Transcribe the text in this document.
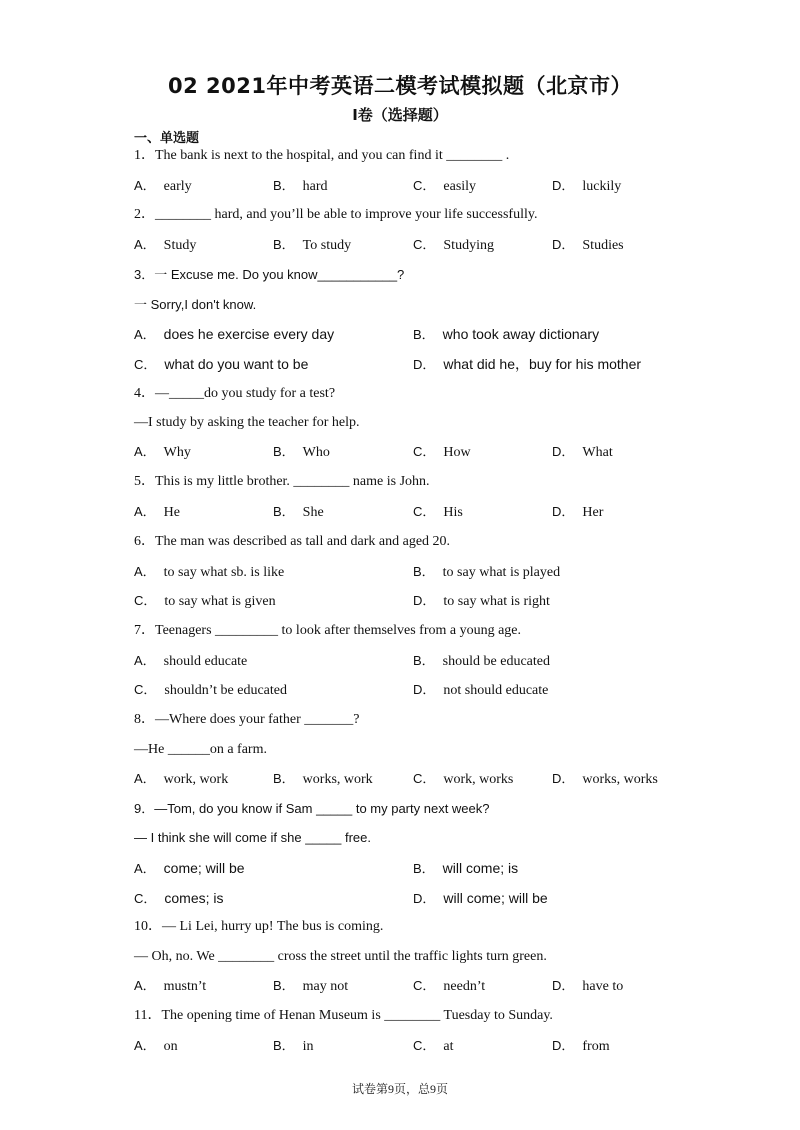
02 2021年中考英语二模考试模拟题（北京市）
I卷（选择题）
一、单选题
1．The bank is next to the hospital, and you can find it ________ .
A． early	B． hard	C． easily	D． luckily
2．________ hard, and you’ll be able to improve your life successfully.
A． Study	B． To study	C． Studying	D． Studies
3．一 Excuse me. Do you know___________?
一 Sorry,I don't know.
A． does he exercise every day	B． who took away dictionary
C． what do you want to be	D． what did he，buy for his mother
4．—_____do you study for a test?
—I study by asking the teacher for help.
A． Why	B． Who	C． How	D． What
5．This is my little brother. ________ name is John.
A． He	B． She	C． His	D． Her
6．The man was described as tall and dark and aged 20.
A． to say what sb. is like	B． to say what is played
C． to say what is given	D． to say what is right
7．Teenagers _________ to look after themselves from a young age.
A． should educate	B． should be educated
C． shouldn’t be educated	D． not should educate
8．—Where does your father _______?
—He ______on a farm.
A． work, work	B． works, work	C． work, works	D． works, works
9．—Tom, do you know if Sam _____ to my party next week?
— I think she will come if she _____ free.
A． come; will be	B． will come; is
C． comes; is	D． will come; will be
10．— Li Lei, hurry up! The bus is coming.
— Oh, no. We ________ cross the street until the traffic lights turn green.
A． mustn’t	B． may not	C． needn’t	D． have to
11．The opening time of Henan Museum is ________ Tuesday to Sunday.
A． on	B． in	C． at	D． from
试卷第9页，总9页
